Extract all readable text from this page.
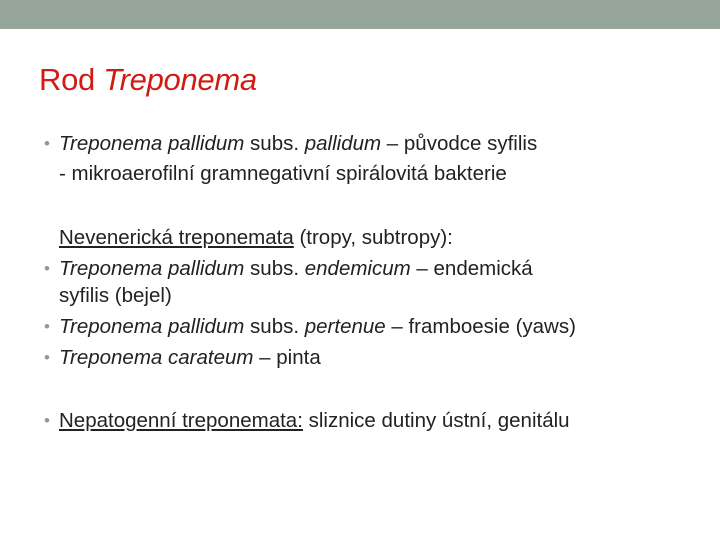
Rod Treponema
• Treponema pallidum subs. pallidum – původce syfilis
- mikroaerofilní gramnegativní spirálovitá bakterie
Nevenerická treponemata (tropy, subtropy):
• Treponema pallidum subs. endemicum – endemická
syfilis (bejel)
• Treponema pallidum subs. pertenue – framboesie (yaws)
• Treponema carateum – pinta
• Nepatogenní treponemata: sliznice dutiny ústní, genitálu
